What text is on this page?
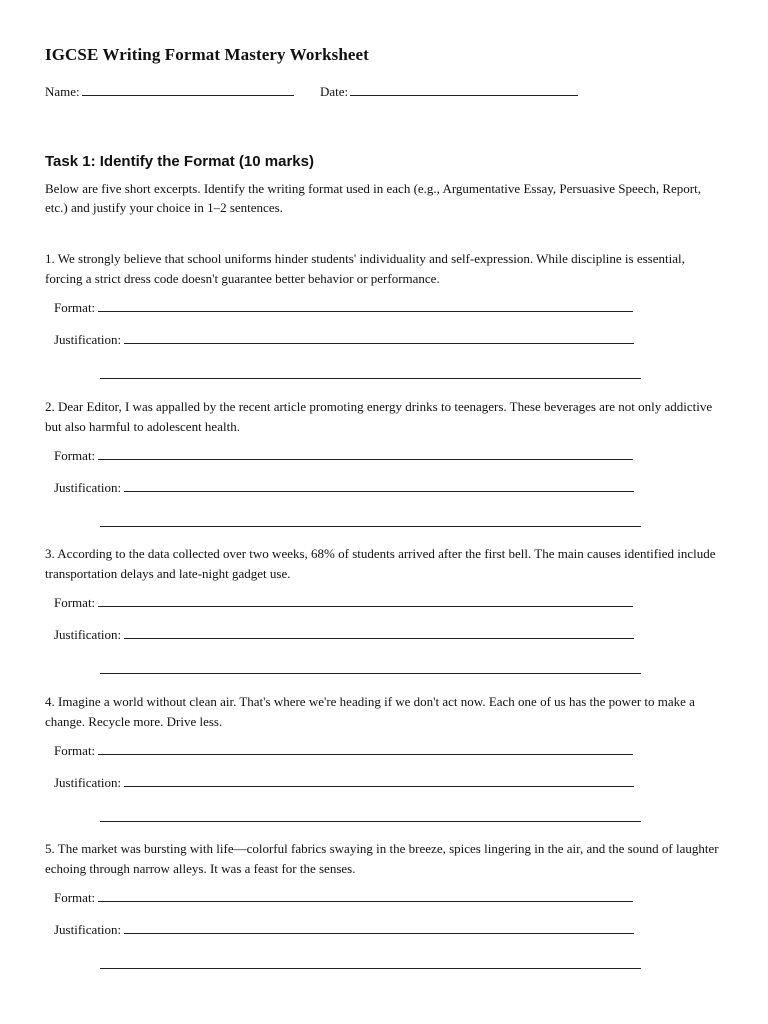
IGCSE Writing Format Mastery Worksheet
Name:	Date:
Task 1: Identify the Format (10 marks)
Below are five short excerpts. Identify the writing format used in each (e.g., Argumentative Essay, Persuasive Speech, Report, etc.) and justify your choice in 1–2 sentences.
1. We strongly believe that school uniforms hinder students' individuality and self-expression. While discipline is essential, forcing a strict dress code doesn't guarantee better behavior or performance.
Format:
Justification:
2. Dear Editor, I was appalled by the recent article promoting energy drinks to teenagers. These beverages are not only addictive but also harmful to adolescent health.
Format:
Justification:
3. According to the data collected over two weeks, 68% of students arrived after the first bell. The main causes identified include transportation delays and late-night gadget use.
Format:
Justification:
4. Imagine a world without clean air. That's where we're heading if we don't act now. Each one of us has the power to make a change. Recycle more. Drive less.
Format:
Justification:
5. The market was bursting with life—colorful fabrics swaying in the breeze, spices lingering in the air, and the sound of laughter echoing through narrow alleys. It was a feast for the senses.
Format:
Justification:
